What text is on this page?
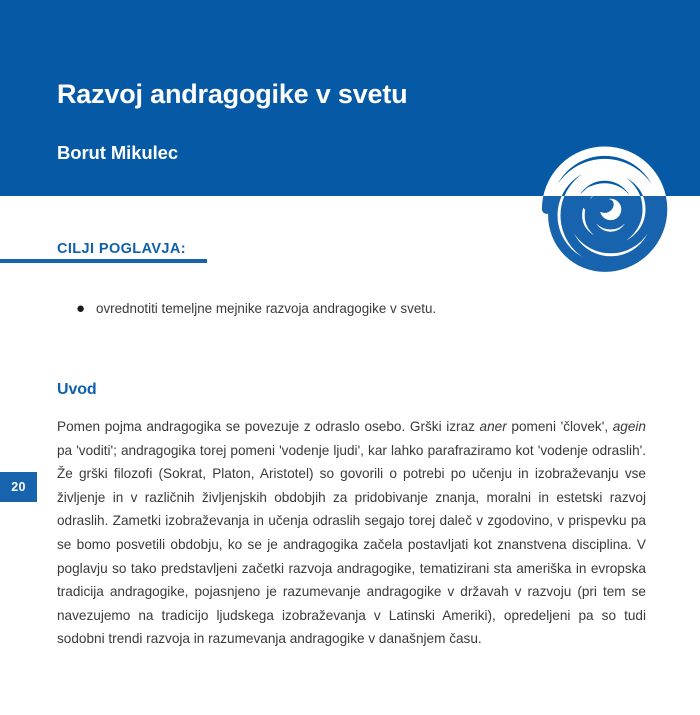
Razvoj andragogike v svetu
Borut Mikulec
CILJI POGLAVJA:
● ovrednotiti temeljne mejnike razvoja andragogike v svetu.
20
Uvod
Pomen pojma andragogika se povezuje z odraslo osebo. Grški izraz aner pomeni 'človek', agein pa 'voditi'; andragogika torej pomeni 'vodenje ljudi', kar lahko parafraziramo kot 'vodenje odraslih'. Že grški filozofi (Sokrat, Platon, Aristotel) so govorili o potrebi po učenju in izobraževanju vse življenje in v različnih življenjskih obdobjih za pridobivanje znanja, moralni in estetski razvoj odraslih. Zametki izobraževanja in učenja odraslih segajo torej daleč v zgodovino, v prispevku pa se bomo posvetili obdobju, ko se je andragogika začela postavljati kot znanstvena disciplina. V poglavju so tako predstavljeni začetki razvoja andragogike, tematizirani sta ameriška in evropska tradicija andragogike, pojasnjeno je razumevanje andragogike v državah v razvoju (pri tem se navezujemo na tradicijo ljudskega izobraževanja v Latinski Ameriki), opredeljeni pa so tudi sodobni trendi razvoja in razumevanja andragogike v današnjem času.
